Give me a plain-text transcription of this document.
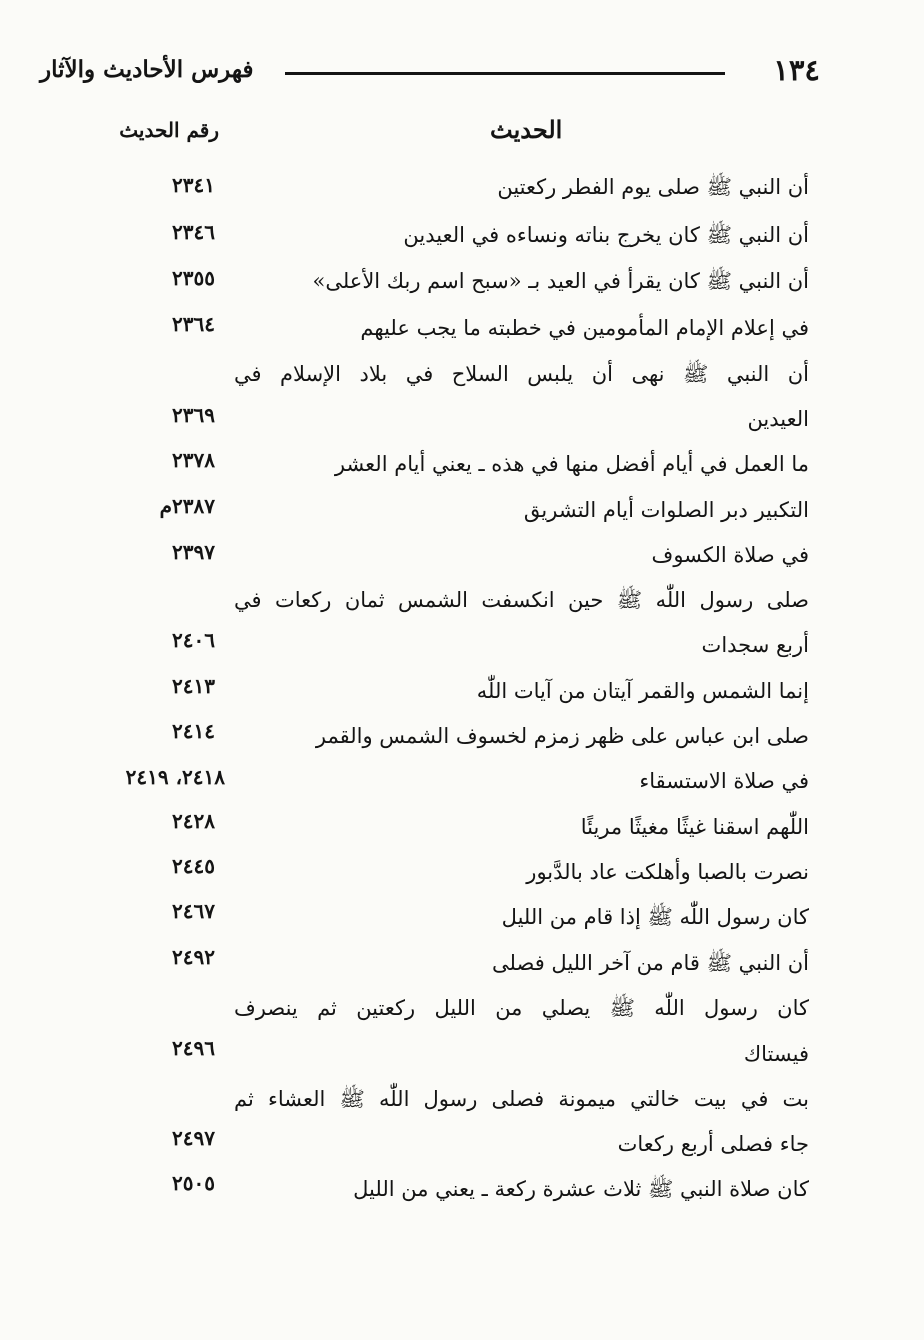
١٣٤
فهرس الأحاديث والآثار
الحديث
رقم الحديث
أن النبي ﷺ صلى يوم الفطر ركعتين
٢٣٤١
أن النبي ﷺ كان يخرج بناته ونساءه في العيدين
٢٣٤٦
أن النبي ﷺ كان يقرأ في العيد بـ «سبح اسم ربك الأعلى»
٢٣٥٥
في إعلام الإمام المأمومين في خطبته ما يجب عليهم
٢٣٦٤
أن النبي ﷺ نهى أن يلبس السلاح في بلاد الإسلام في
العيدين
٢٣٦٩
ما العمل في أيام أفضل منها في هذه ـ يعني أيام العشر
٢٣٧٨
التكبير دبر الصلوات أيام التشريق
٢٣٨٧م
في صلاة الكسوف
٢٣٩٧
صلى رسول اللّٰه ﷺ حين انكسفت الشمس ثمان ركعات في
أربع سجدات
٢٤٠٦
إنما الشمس والقمر آيتان من آيات اللّٰه
٢٤١٣
صلى ابن عباس على ظهر زمزم لخسوف الشمس والقمر
٢٤١٤
في صلاة الاستسقاء
٢٤١٨، ٢٤١٩
اللّٰهم اسقنا غيثًا مغيثًا مريئًا
٢٤٢٨
نصرت بالصبا وأهلكت عاد بالدَّبور
٢٤٤٥
كان رسول اللّٰه ﷺ إذا قام من الليل
٢٤٦٧
أن النبي ﷺ قام من آخر الليل فصلى
٢٤٩٢
كان رسول اللّٰه ﷺ يصلي من الليل ركعتين ثم ينصرف
فيستاك
٢٤٩٦
بت في بيت خالتي ميمونة فصلى رسول اللّٰه ﷺ العشاء ثم
جاء فصلى أربع ركعات
٢٤٩٧
كان صلاة النبي ﷺ ثلاث عشرة ركعة ـ يعني من الليل
٢٥٠٥
